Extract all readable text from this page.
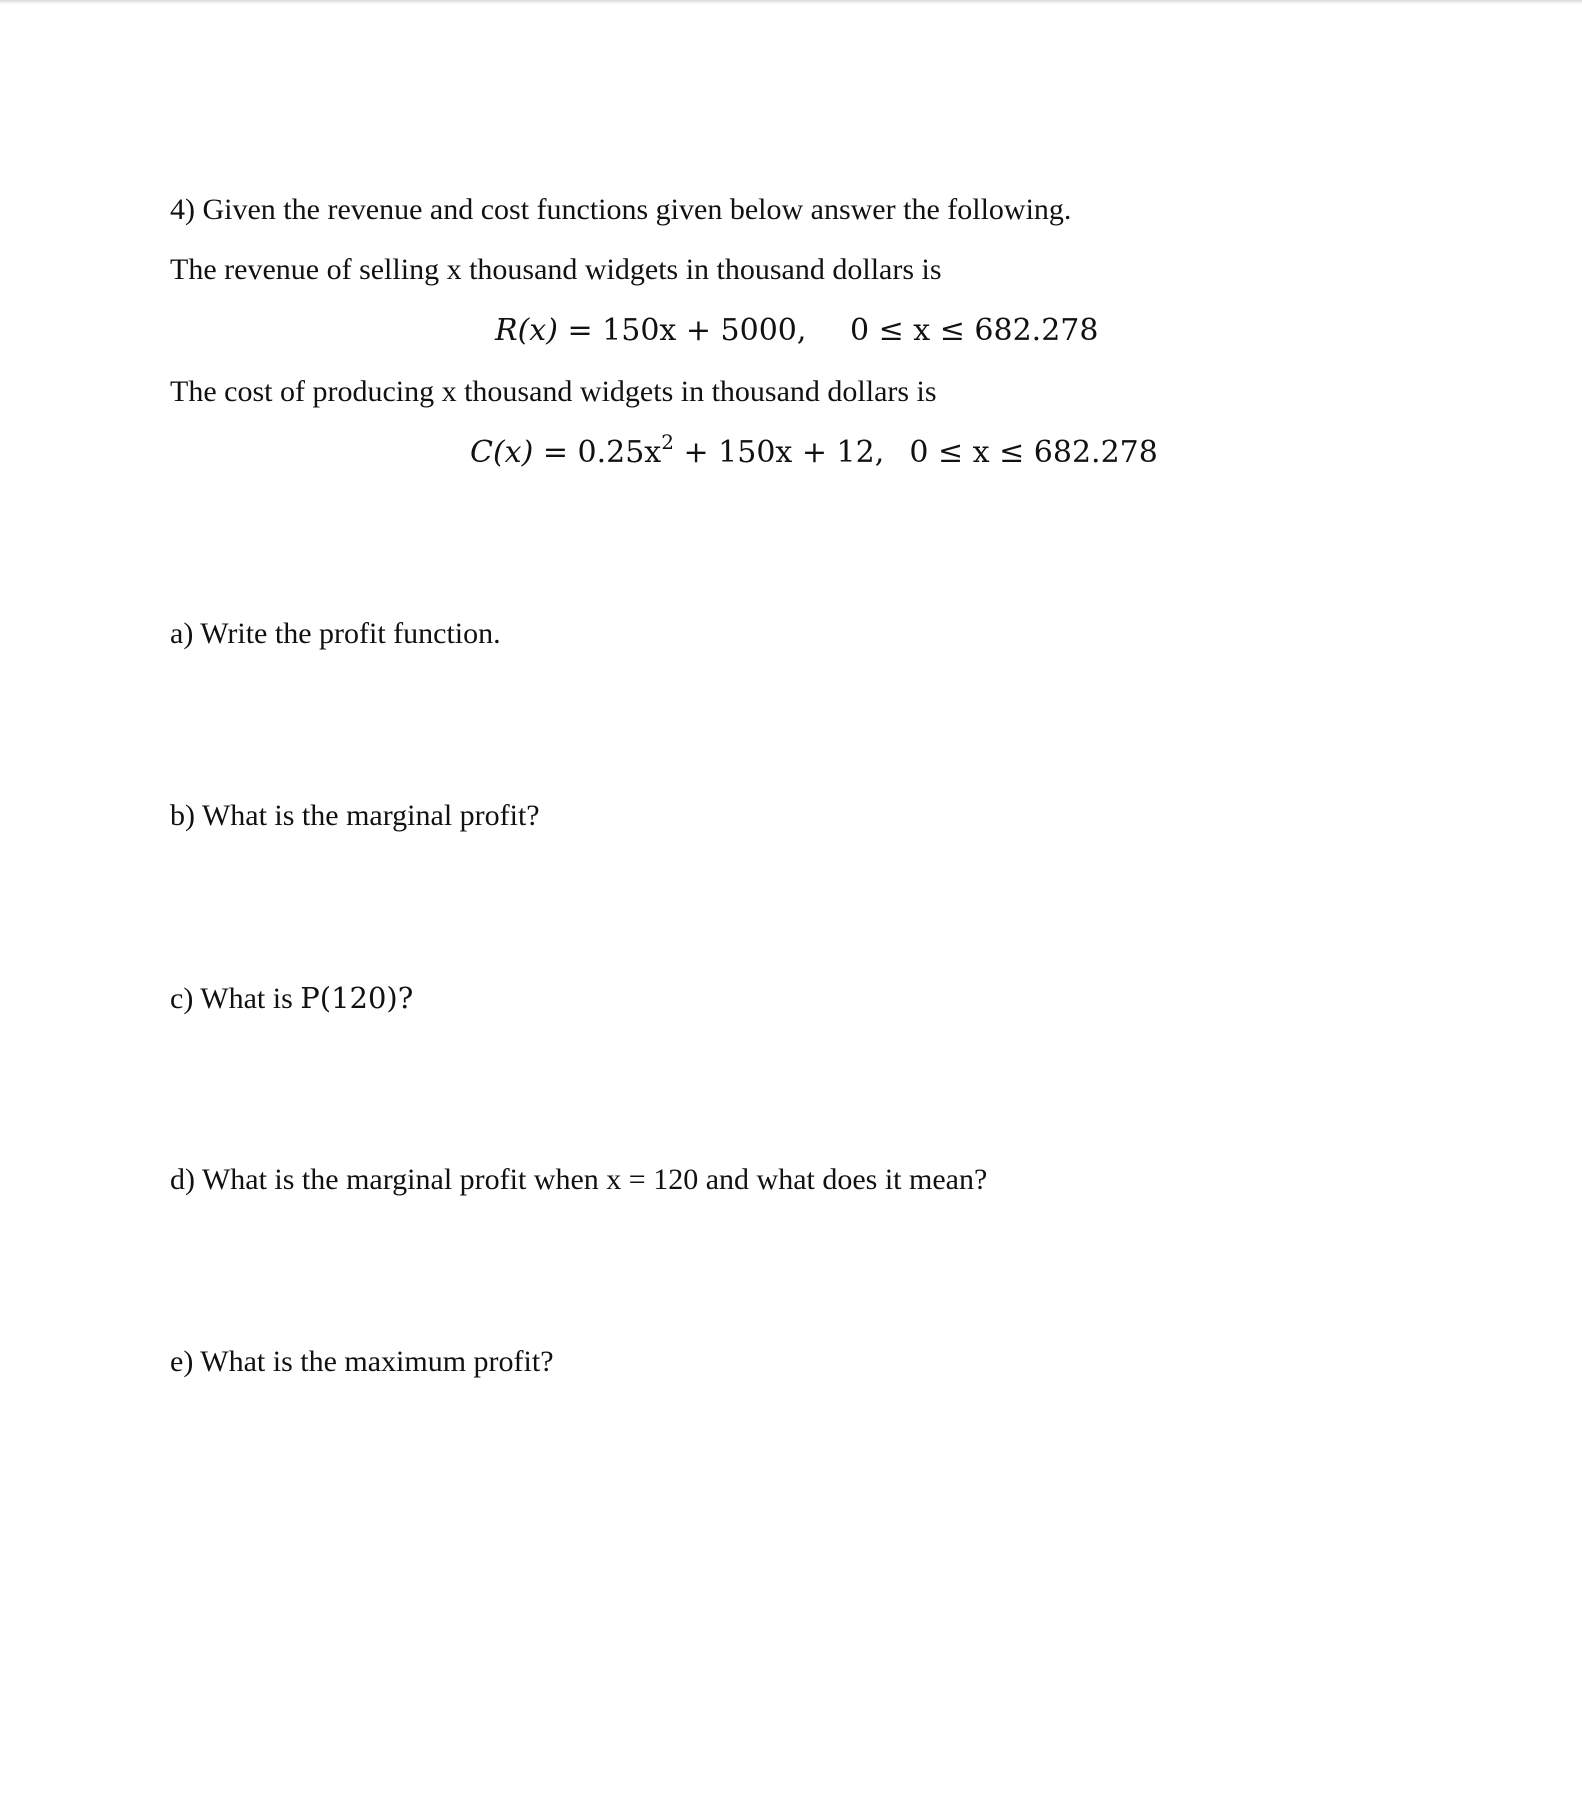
4) Given the revenue and cost functions given below answer the following.
The revenue of selling x thousand widgets in thousand dollars is
R(x) = 150x + 5000, 0 ≤ x ≤ 682.278
The cost of producing x thousand widgets in thousand dollars is
$C(x) = 0.25x^2 + 150x + 12$, 0 ≤ x ≤ 682.278
a) Write the profit function.
b) What is the marginal profit?
c) What is P(120)?
d) What is the marginal profit when x = 120 and what does it mean?
e) What is the maximum profit?
